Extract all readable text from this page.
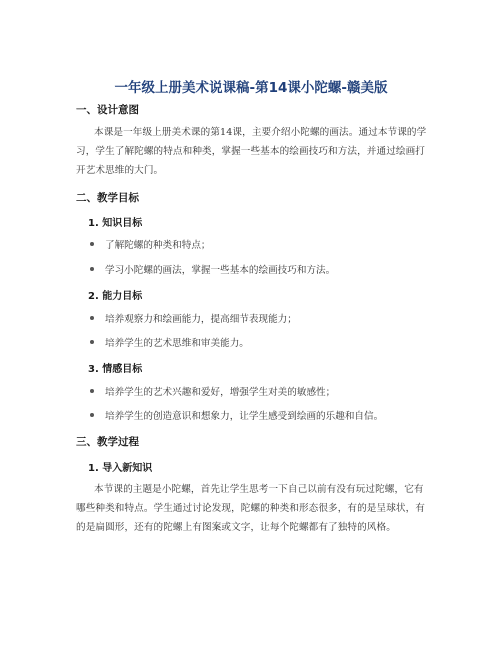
一年级上册美术说课稿-第14课小陀螺-赣美版
一、设计意图
本课是一年级上册美术课的第14课，主要介绍小陀螺的画法。通过本节课的学习，学生了解陀螺的特点和种类，掌握一些基本的绘画技巧和方法，并通过绘画打开艺术思维的大门。
二、教学目标
1. 知识目标
了解陀螺的种类和特点；
学习小陀螺的画法，掌握一些基本的绘画技巧和方法。
2. 能力目标
培养观察力和绘画能力，提高细节表现能力；
培养学生的艺术思维和审美能力。
3. 情感目标
培养学生的艺术兴趣和爱好，增强学生对美的敏感性；
培养学生的创造意识和想象力，让学生感受到绘画的乐趣和自信。
三、教学过程
1. 导入新知识
本节课的主题是小陀螺，首先让学生思考一下自己以前有没有玩过陀螺，它有哪些种类和特点。学生通过讨论发现，陀螺的种类和形态很多，有的是呈球状，有的是扁圆形，还有的陀螺上有图案或文字，让每个陀螺都有了独特的风格。
